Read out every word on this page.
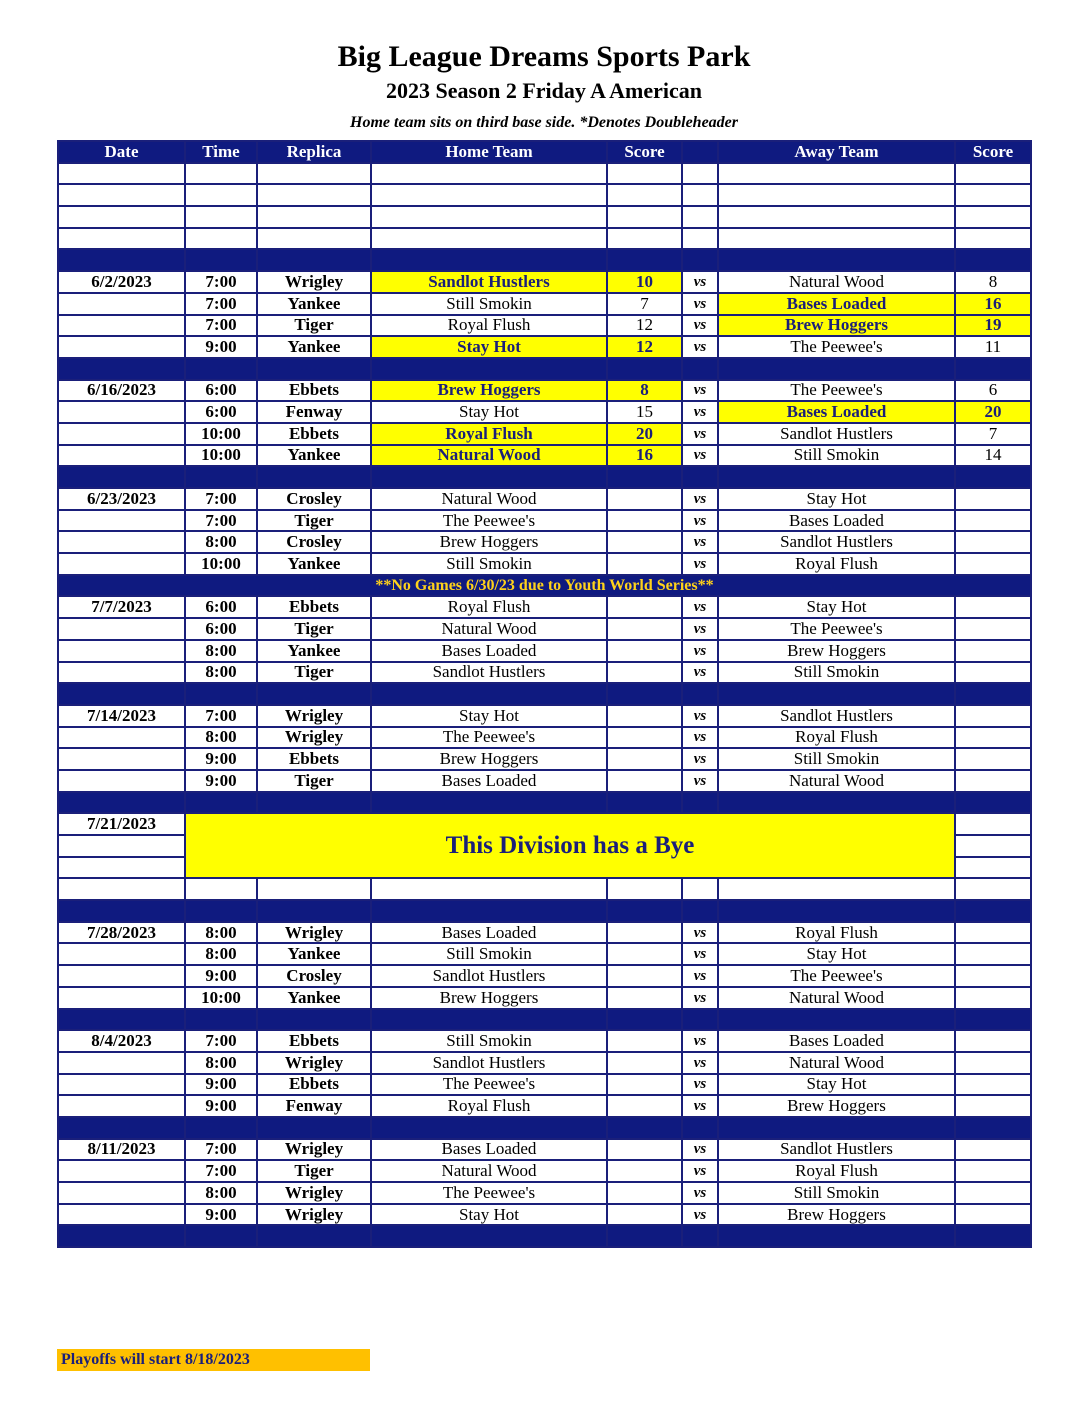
Big League Dreams Sports Park
2023 Season 2 Friday A American
Home team sits on third base side. *Denotes Doubleheader
Date	Time	Replica	Home Team	Score		Away Team	Score

6/2/2023	7:00	Wrigley	Sandlot Hustlers	10	vs	Natural Wood	8
	7:00	Yankee	Still Smokin	7	vs	Bases Loaded	16
	7:00	Tiger	Royal Flush	12	vs	Brew Hoggers	19
	9:00	Yankee	Stay Hot	12	vs	The Peewee's	11

6/16/2023	6:00	Ebbets	Brew Hoggers	8	vs	The Peewee's	6
	6:00	Fenway	Stay Hot	15	vs	Bases Loaded	20
	10:00	Ebbets	Royal Flush	20	vs	Sandlot Hustlers	7
	10:00	Yankee	Natural Wood	16	vs	Still Smokin	14

6/23/2023	7:00	Crosley	Natural Wood		vs	Stay Hot	
	7:00	Tiger	The Peewee's		vs	Bases Loaded	
	8:00	Crosley	Brew Hoggers		vs	Sandlot Hustlers	
	10:00	Yankee	Still Smokin		vs	Royal Flush	
**No Games 6/30/23 due to Youth World Series**							
7/7/2023	6:00	Ebbets	Royal Flush		vs	Stay Hot	
	6:00	Tiger	Natural Wood		vs	The Peewee's	
	8:00	Yankee	Bases Loaded		vs	Brew Hoggers	
	8:00	Tiger	Sandlot Hustlers		vs	Still Smokin	

7/14/2023	7:00	Wrigley	Stay Hot		vs	Sandlot Hustlers	
	8:00	Wrigley	The Peewee's		vs	Royal Flush	
	9:00	Ebbets	Brew Hoggers		vs	Still Smokin	
	9:00	Tiger	Bases Loaded		vs	Natural Wood	

7/21/2023	This Division has a Bye						

7/28/2023	8:00	Wrigley	Bases Loaded		vs	Royal Flush	
	8:00	Yankee	Still Smokin		vs	Stay Hot	
	9:00	Crosley	Sandlot Hustlers		vs	The Peewee's	
	10:00	Yankee	Brew Hoggers		vs	Natural Wood	

8/4/2023	7:00	Ebbets	Still Smokin		vs	Bases Loaded	
	8:00	Wrigley	Sandlot Hustlers		vs	Natural Wood	
	9:00	Ebbets	The Peewee's		vs	Stay Hot	
	9:00	Fenway	Royal Flush		vs	Brew Hoggers	

8/11/2023	7:00	Wrigley	Bases Loaded		vs	Sandlot Hustlers	
	7:00	Tiger	Natural Wood		vs	Royal Flush	
	8:00	Wrigley	The Peewee's		vs	Still Smokin	
	9:00	Wrigley	Stay Hot		vs	Brew Hoggers	

Playoffs will start 8/18/2023
